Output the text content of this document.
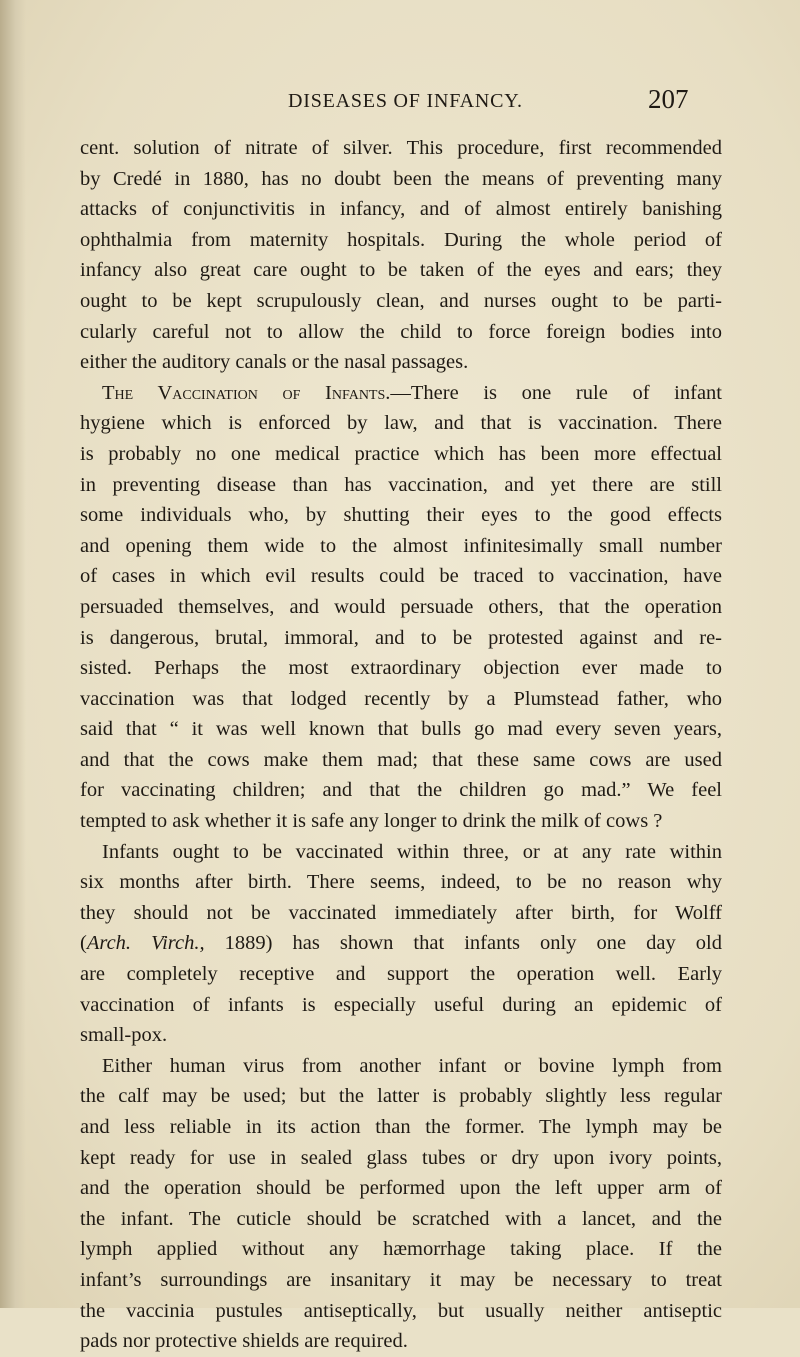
DISEASES OF INFANCY.	207
cent. solution of nitrate of silver. This procedure, first recommended
by Credé in 1880, has no doubt been the means of preventing many
attacks of conjunctivitis in infancy, and of almost entirely banishing
ophthalmia from maternity hospitals. During the whole period of
infancy also great care ought to be taken of the eyes and ears; they
ought to be kept scrupulously clean, and nurses ought to be parti-
cularly careful not to allow the child to force foreign bodies into
either the auditory canals or the nasal passages.
The Vaccination of Infants.—There is one rule of infant
hygiene which is enforced by law, and that is vaccination. There
is probably no one medical practice which has been more effectual
in preventing disease than has vaccination, and yet there are still
some individuals who, by shutting their eyes to the good effects
and opening them wide to the almost infinitesimally small number
of cases in which evil results could be traced to vaccination, have
persuaded themselves, and would persuade others, that the operation
is dangerous, brutal, immoral, and to be protested against and re-
sisted. Perhaps the most extraordinary objection ever made to
vaccination was that lodged recently by a Plumstead father, who
said that “ it was well known that bulls go mad every seven years,
and that the cows make them mad; that these same cows are used
for vaccinating children; and that the children go mad.” We feel
tempted to ask whether it is safe any longer to drink the milk of cows ?
Infants ought to be vaccinated within three, or at any rate within
six months after birth. There seems, indeed, to be no reason why
they should not be vaccinated immediately after birth, for Wolff
(Arch. Virch., 1889) has shown that infants only one day old
are completely receptive and support the operation well. Early
vaccination of infants is especially useful during an epidemic of
small-pox.
Either human virus from another infant or bovine lymph from
the calf may be used; but the latter is probably slightly less regular
and less reliable in its action than the former. The lymph may be
kept ready for use in sealed glass tubes or dry upon ivory points,
and the operation should be performed upon the left upper arm of
the infant. The cuticle should be scratched with a lancet, and the
lymph applied without any hæmorrhage taking place. If the
infant’s surroundings are insanitary it may be necessary to treat
the vaccinia pustules antiseptically, but usually neither antiseptic
pads nor protective shields are required.
